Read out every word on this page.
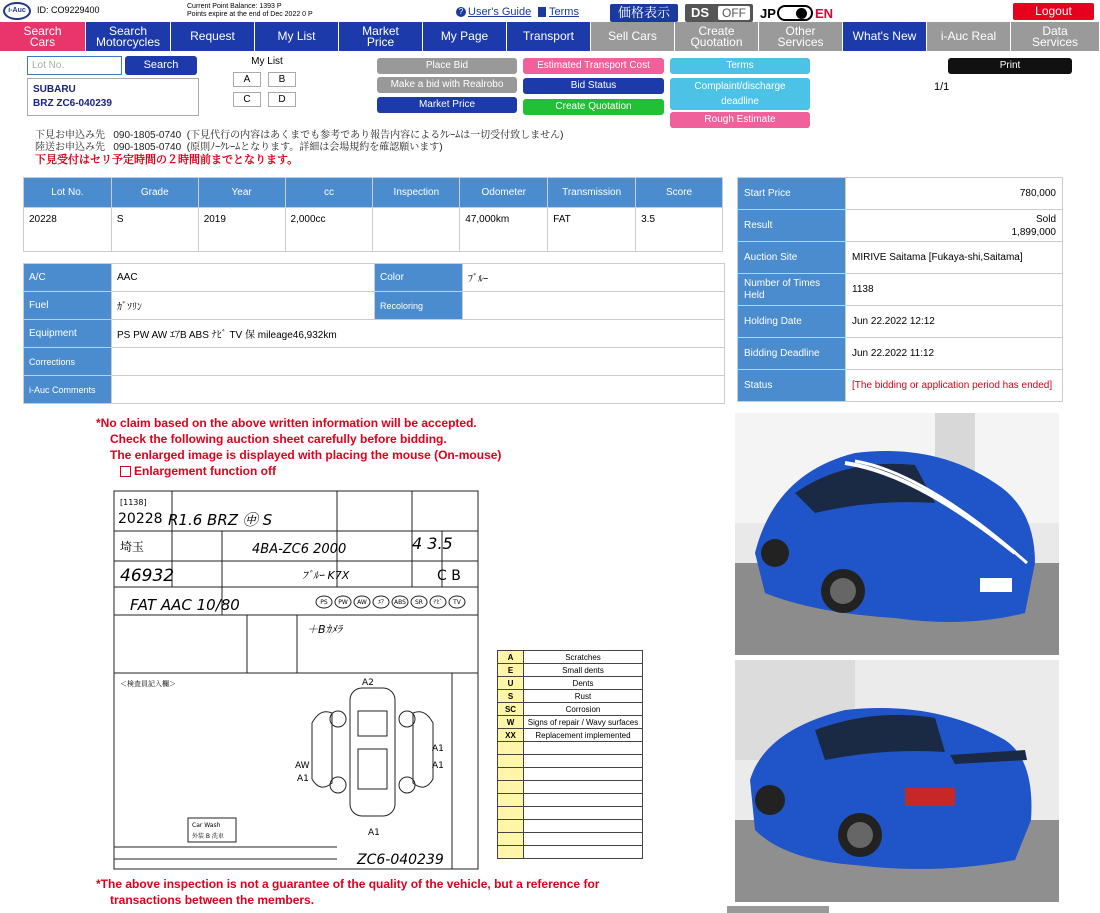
i-Auc	ID: CO9229400	Current Point Balance: 1393 P
Points expire at the end of Dec 2022 0 P	? User's Guide Terms	価格表示	DS	OFF	JP	EN	Logout
Search
Cars
Search
Motorcycles	Request	My List	Market
Price	My Page	Transport	Sell Cars	Create
Quotation
Other
Services	What's New	i-Auc Real	Data
Services
Lot No.	Search
SUBARU
BRZ ZC6-040239
My List
A	B
C	D
Place Bid
Make a bid with Realrobo
Market Price
Estimated Transport Cost
Bid Status
Create Quotation
Terms
Complaint/discharge deadline
Rough Estimate
Print
1/1
下見お申込み先 090-1805-0740 (下見代行の内容はあくまでも参考であり報告内容によるｸﾚｰﾑは一切受付致しません)
陸送お申込み先 090-1805-0740 (原則ﾉｰｸﾚｰﾑとなります。詳細は会場規約を確認願います)
下見受付はセリ予定時間の２時間前までとなります。
Lot No.	Grade	Year	cc	Inspection	Odometer	Transmission	Score
20228	S	2019	2,000cc		47,000km	FAT	3.5
A/C	AAC	Color	ﾌﾞﾙｰ
Fuel	ｶﾞｿﾘﾝ	Recoloring	
Equipment	PS PW AW ｴｱB ABS ﾅﾋﾞ TV 保 mileage46,932km		
Corrections			
i-Auc Comments			
Start Price	780,000
Result	Sold
1,899,000

Auction Site	MIRIVE Saitama [Fukaya-shi,Saitama]
Number of Times Held	1138
Holding Date	Jun 22.2022 12:12
Bidding Deadline	Jun 22.2022 11:12
Status	[The bidding or application period has ended]
*No claim based on the above written information will be accepted.
Check the following auction sheet carefully before bidding.
The enlarged image is displayed with placing the mouse (On-mouse)
Enlargement function off
[1138]
20228 R1.6 BRZ ㊥ S
4 3.5
埼玉	4BA-ZC6 2000
46932	ﾌﾞﾙｰ K7X	C B
FAT AAC 10/80	PS PW AW ｴｱ ABS SR ﾅﾋﾞ TV
＋Bｶﾒﾗ
＜検査員記入欄＞	A2
A1
A1
AW
A1
A1
Car Wash
外装 B 洗車
ZC6-040239
A	Scratches
E	Small dents
U	Dents
S	Rust
SC	Corrosion
W	Signs of repair / Wavy surfaces
XX	Replacement implemented

*The above inspection is not a guarantee of the quality of the vehicle, but a reference for
transactions between the members.
